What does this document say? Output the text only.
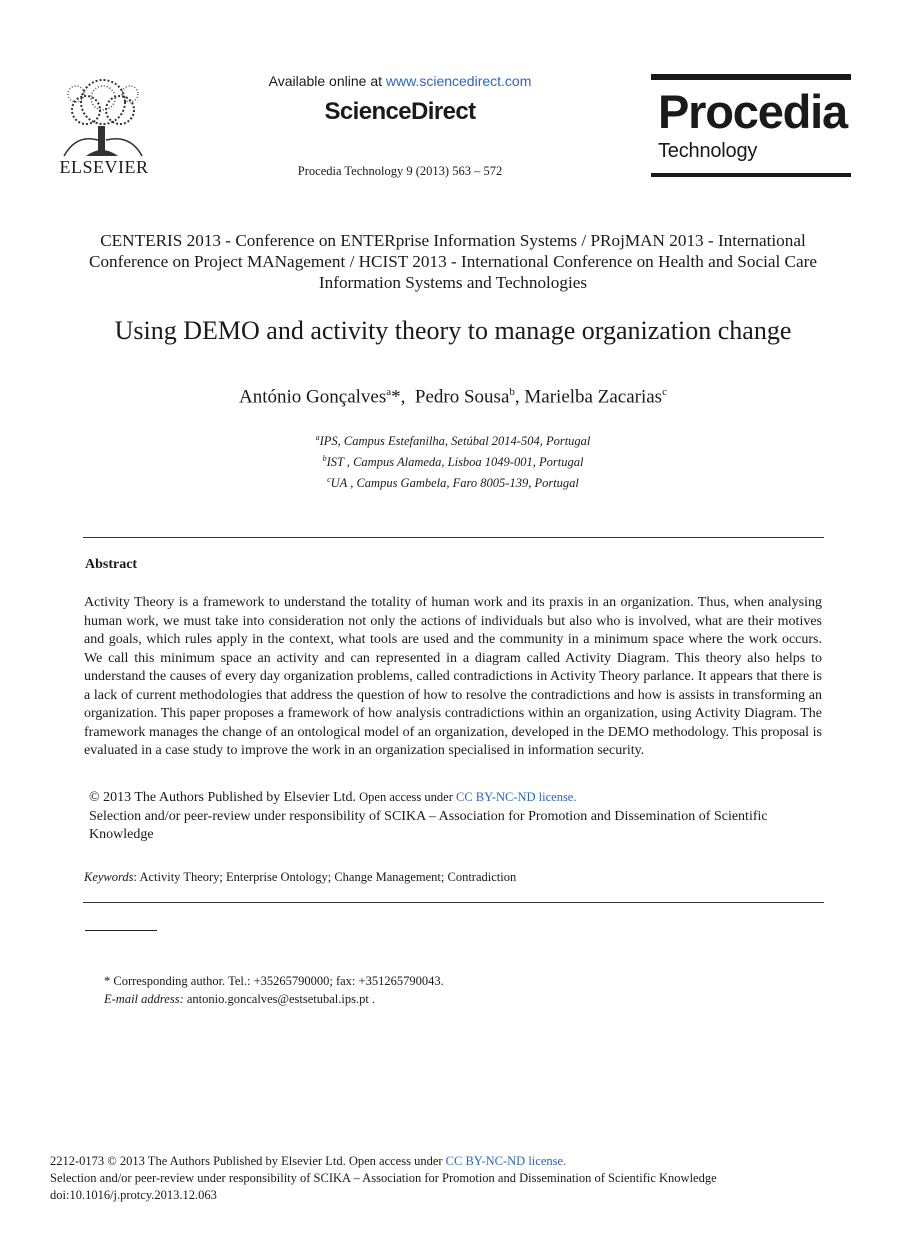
ELSEVIER
Available online at www.sciencedirect.com
ScienceDirect
Procedia Technology 9 (2013) 563 – 572
Procedia
Technology
CENTERIS 2013 - Conference on ENTERprise Information Systems / PRojMAN 2013 - International Conference on Project MANagement / HCIST 2013 - International Conference on Health and Social Care Information Systems and Technologies
Using DEMO and activity theory to manage organization change
António Gonçalves$^a$*,  Pedro Sousa$^b$, Marielba Zacarias$^c$
$^a$IPS, Campus Estefanilha, Setúbal 2014-504, Portugal
$^b$IST , Campus Alameda, Lisboa 1049-001, Portugal
$^c$UA , Campus Gambela, Faro 8005-139, Portugal
Abstract
Activity Theory is a framework to understand the totality of human work and its praxis in an organization. Thus, when analysing human work, we must take into consideration not only the actions of individuals but also who is involved, what are their motives and goals, which rules apply in the context, what tools are used and the community in a minimum space where the work occurs. We call this minimum space an activity and can represented in a diagram called Activity Diagram. This theory also helps to understand the causes of every day organization problems, called contradictions in Activity Theory parlance. It appears that there is a lack of current methodologies that address the question of how to resolve the contradictions and how is assists in transforming an organization. This paper proposes a framework of how analysis contradictions within an organization, using Activity Diagram. The framework manages the change of an ontological model of an organization, developed in the DEMO methodology. This proposal is evaluated in a case study to improve the work in an organization specialised in information security.
© 2013 The Authors Published by Elsevier Ltd. Open access under CC BY-NC-ND license.
Selection and/or peer-review under responsibility of SCIKA – Association for Promotion and Dissemination of Scientific Knowledge
Keywords: Activity Theory; Enterprise Ontology; Change Management; Contradiction
* Corresponding author. Tel.: +35265790000; fax: +351265790043.
E-mail address: antonio.goncalves@estsetubal.ips.pt .
2212-0173 © 2013 The Authors Published by Elsevier Ltd. Open access under CC BY-NC-ND license.
Selection and/or peer-review under responsibility of SCIKA – Association for Promotion and Dissemination of Scientific Knowledge
doi:10.1016/j.protcy.2013.12.063
